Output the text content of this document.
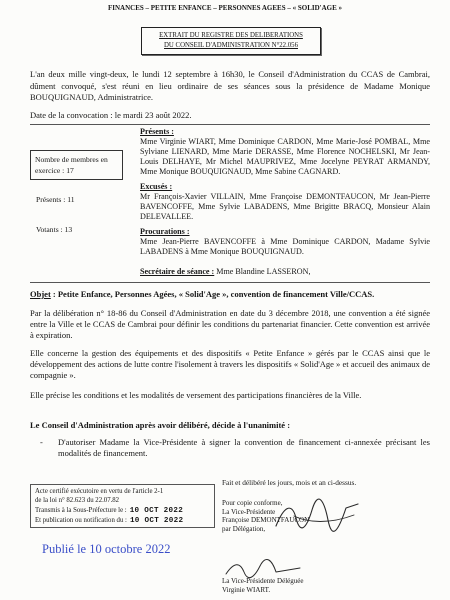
FINANCES – PETITE ENFANCE – PERSONNES AGEES – « SOLID'AGE »
EXTRAIT DU REGISTRE DES DELIBERATIONS
DU CONSEIL D'ADMINISTRATION N°22.056

L'an deux mille vingt-deux, le lundi 12 septembre à 16h30, le Conseil d'Administration du CCAS de Cambrai, dûment convoqué, s'est réuni en lieu ordinaire de ses séances sous la présidence de Madame Monique BOUQUIGNAUD, Administratrice.

Date de la convocation : le mardi 23 août 2022.
Nombre de membres en exercice : 17
Présents : 11
Votants : 13
Présents :

Mme Virginie WIART, Mme Dominique CARDON, Mme Marie-José POMBAL, Mme Sylviane LIENARD, Mme Marie DERASSE, Mme Florence NOCHELSKI, Mr Jean-Louis DELHAYE, Mr Michel MAUPRIVEZ, Mme Jocelyne PEYRAT ARMANDY, Mme Monique BOUQUIGNAUD, Mme Sabine CAGNARD.

Excusés :

Mr François-Xavier VILLAIN, Mme Françoise DEMONTFAUCON, Mr Jean-Pierre BAVENCOFFE, Mme Sylvie LABADENS, Mme Brigitte BRACQ, Monsieur Alain DELEVALLEE.

Procurations :

Mme Jean-Pierre BAVENCOFFE à Mme Dominique CARDON, Madame Sylvie LABADENS à Mme Monique BOUQUIGNAUD.

Secrétaire de séance : Mme Blandine LASSERON,
Objet : Petite Enfance, Personnes Agées, « Solid'Age », convention de financement Ville/CCAS.

Par la délibération n° 18-86 du Conseil d'Administration en date du 3 décembre 2018, une convention a été signée entre la Ville et le CCAS de Cambrai pour définir les conditions du partenariat financier. Cette convention est arrivée à expiration.

Elle concerne la gestion des équipements et des dispositifs « Petite Enfance » gérés par le CCAS ainsi que le développement des actions de lutte contre l'isolement à travers les dispositifs « Solid'Age » et accueil des animaux de compagnie ».

Elle précise les conditions et les modalités de versement des participations financières de la Ville.

Le Conseil d'Administration après avoir délibéré, décide à l'unanimité :
- D'autoriser Madame la Vice-Présidente à signer la convention de financement ci-annexée précisant les modalités de financement.
Fait et délibéré les jours, mois et an ci-dessus.
Acte certifié exécutoire en vertu de l'article 2-1
de la loi n° 82.623 du 22.07.82
Transmis à la Sous-Préfecture le : 10 OCT 2022
Et publication ou notification du : 10 OCT 2022
Pour copie conforme,
La Vice-Présidente
Françoise DEMONTFAUCON
par Délégation,
Publié le 10 octobre 2022
La Vice-Présidente Déléguée
Virginie WIART.
